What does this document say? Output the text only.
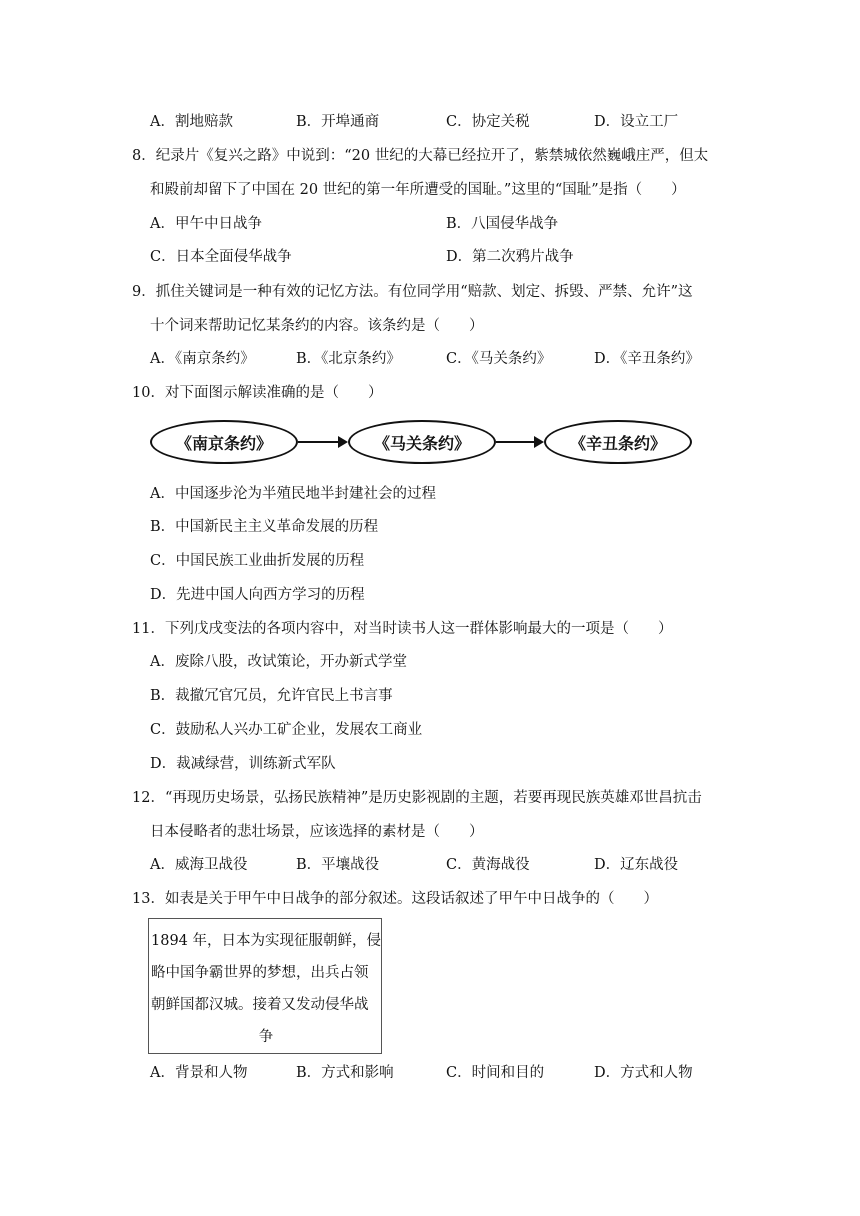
A．割地赔款	B．开埠通商	C．协定关税	D．设立工厂
8．纪录片《复兴之路》中说到：“20 世纪的大幕已经拉开了，紫禁城依然巍峨庄严，但太
和殿前却留下了中国在 20 世纪的第一年所遭受的国耻。”这里的“国耻”是指（　　）
A．甲午中日战争	B．八国侵华战争
C．日本全面侵华战争	D．第二次鸦片战争
9．抓住关键词是一种有效的记忆方法。有位同学用“赔款、划定、拆毁、严禁、允许”这
十个词来帮助记忆某条约的内容。该条约是（　　）
A．《南京条约》	B．《北京条约》	C．《马关条约》	D．《辛丑条约》
10．对下面图示解读准确的是（　　）
《南京条约》	《马关条约》	《辛丑条约》
A．中国逐步沦为半殖民地半封建社会的过程
B．中国新民主主义革命发展的历程
C．中国民族工业曲折发展的历程
D．先进中国人向西方学习的历程
11．下列戊戌变法的各项内容中，对当时读书人这一群体影响最大的一项是（　　）
A．废除八股，改试策论，开办新式学堂
B．裁撤冗官冗员，允许官民上书言事
C．鼓励私人兴办工矿企业，发展农工商业
D．裁减绿营，训练新式军队
12．“再现历史场景，弘扬民族精神”是历史影视剧的主题，若要再现民族英雄邓世昌抗击
日本侵略者的悲壮场景，应该选择的素材是（　　）
A．威海卫战役	B．平壤战役	C．黄海战役	D．辽东战役
13．如表是关于甲午中日战争的部分叙述。这段话叙述了甲午中日战争的（　　）
1894 年，日本为实现征服朝鲜，侵
略中国争霸世界的梦想，出兵占领
朝鲜国都汉城。接着又发动侵华战
争
A．背景和人物	B．方式和影响	C．时间和目的	D．方式和人物
